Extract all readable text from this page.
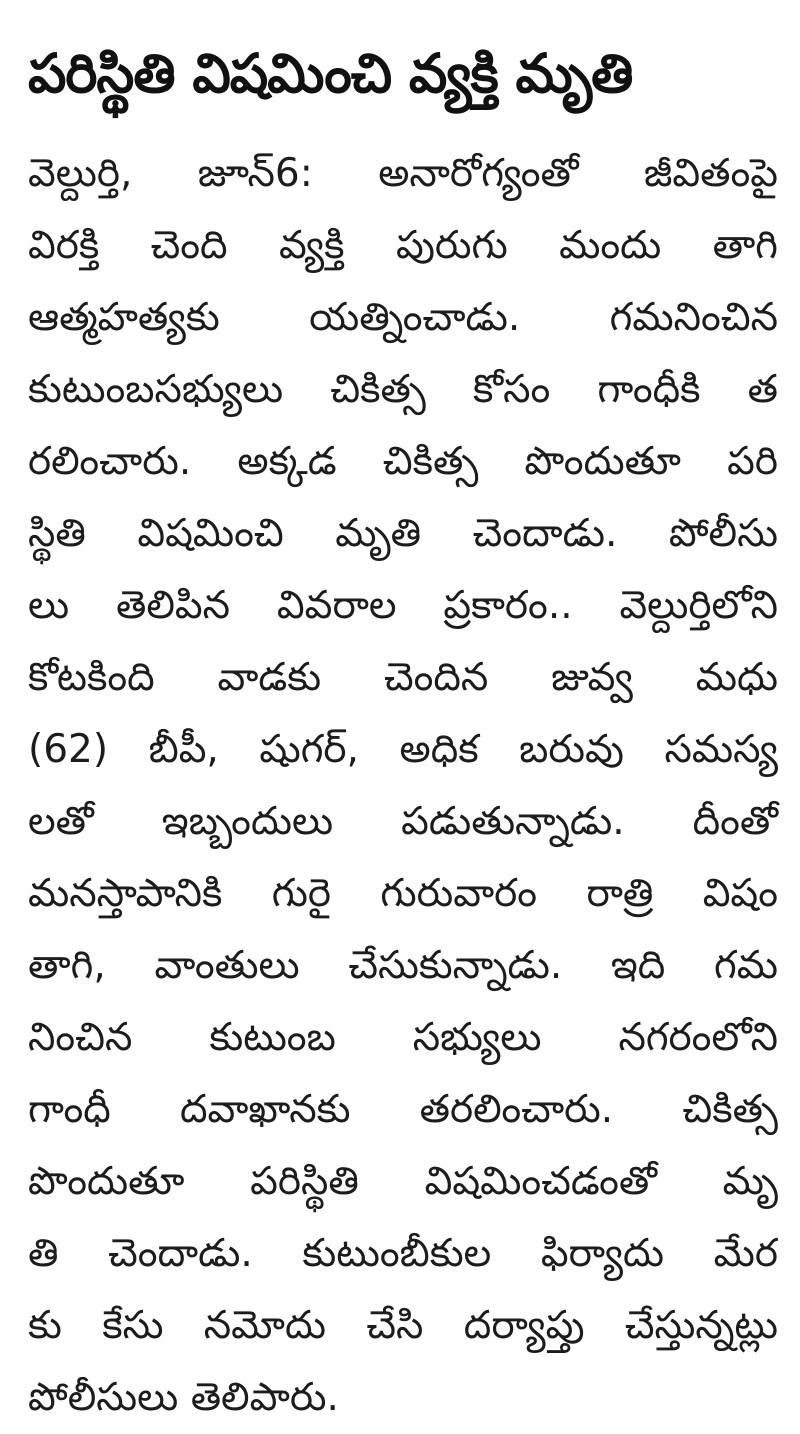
పరిస్థితి విషమించి వ్యక్తి మృతి
వెల్దుర్తి, జూన్6: అనారోగ్యంతో జీవితంపై
విరక్తి చెంది వ్యక్తి పురుగు మందు తాగి
ఆత్మహత్యకు యత్నించాడు. గమనించిన
కుటుంబసభ్యులు చికిత్స కోసం గాంధీకి త
రలించారు. అక్కడ చికిత్స పొందుతూ పరి
స్థితి విషమించి మృతి చెందాడు. పోలీసు
లు తెలిపిన వివరాల ప్రకారం.. వెల్దుర్తిలోని
కోటకింది వాడకు చెందిన జువ్వ మధు
(62) బీపీ, షుగర్, అధిక బరువు సమస్య
లతో ఇబ్బందులు పడుతున్నాడు. దీంతో
మనస్తాపానికి గురై గురువారం రాత్రి విషం
తాగి, వాంతులు చేసుకున్నాడు. ఇది గమ
నించిన కుటుంబ సభ్యులు నగరంలోని
గాంధీ దవాఖానకు తరలించారు. చికిత్స
పొందుతూ పరిస్థితి విషమించడంతో మృ
తి చెందాడు. కుటుంబీకుల ఫిర్యాదు మేర
కు కేసు నమోదు చేసి దర్యాప్తు చేస్తున్నట్లు
పోలీసులు తెలిపారు.
